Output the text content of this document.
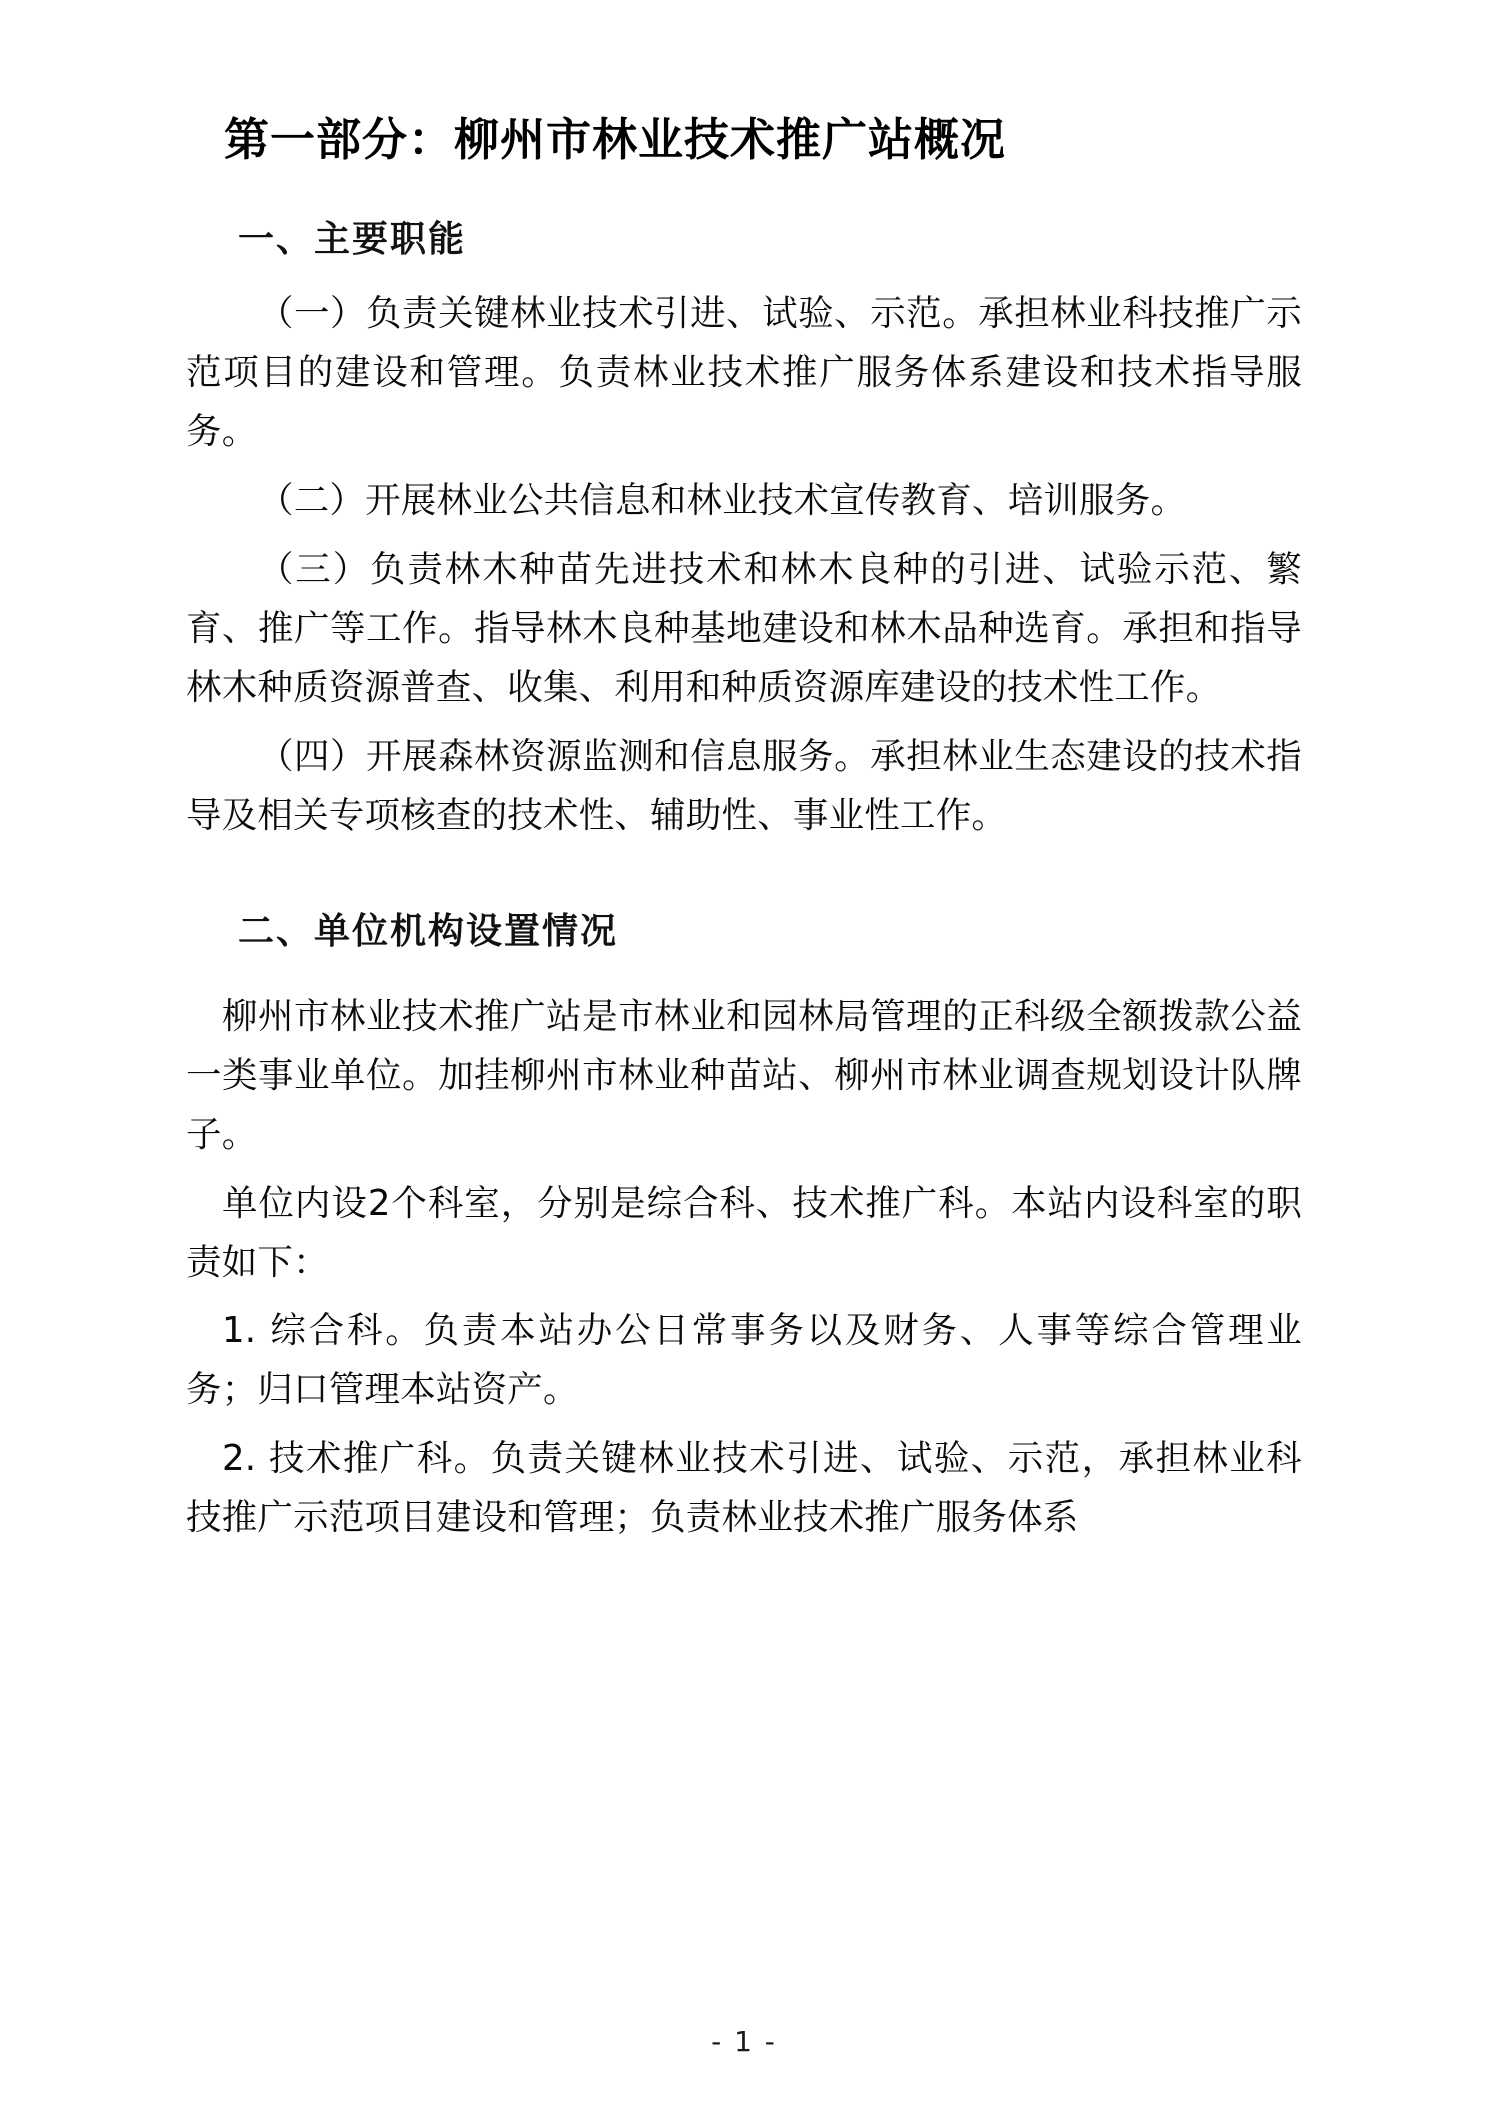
第一部分：柳州市林业技术推广站概况
一、主要职能

（一）负责关键林业技术引进、试验、示范。承担林业科技推广示范项目的建设和管理。负责林业技术推广服务体系建设和技术指导服务。

（二）开展林业公共信息和林业技术宣传教育、培训服务。

（三）负责林木种苗先进技术和林木良种的引进、试验示范、繁育、推广等工作。指导林木良种基地建设和林木品种选育。承担和指导林木种质资源普查、收集、利用和种质资源库建设的技术性工作。

（四）开展森林资源监测和信息服务。承担林业生态建设的技术指导及相关专项核查的技术性、辅助性、事业性工作。

二、单位机构设置情况

柳州市林业技术推广站是市林业和园林局管理的正科级全额拨款公益一类事业单位。加挂柳州市林业种苗站、柳州市林业调查规划设计队牌子。

单位内设2个科室，分别是综合科、技术推广科。本站内设科室的职责如下：

1. 综合科。负责本站办公日常事务以及财务、人事等综合管理业务；归口管理本站资产。

2. 技术推广科。负责关键林业技术引进、试验、示范，承担林业科技推广示范项目建设和管理；负责林业技术推广服务体系

- 1 -
